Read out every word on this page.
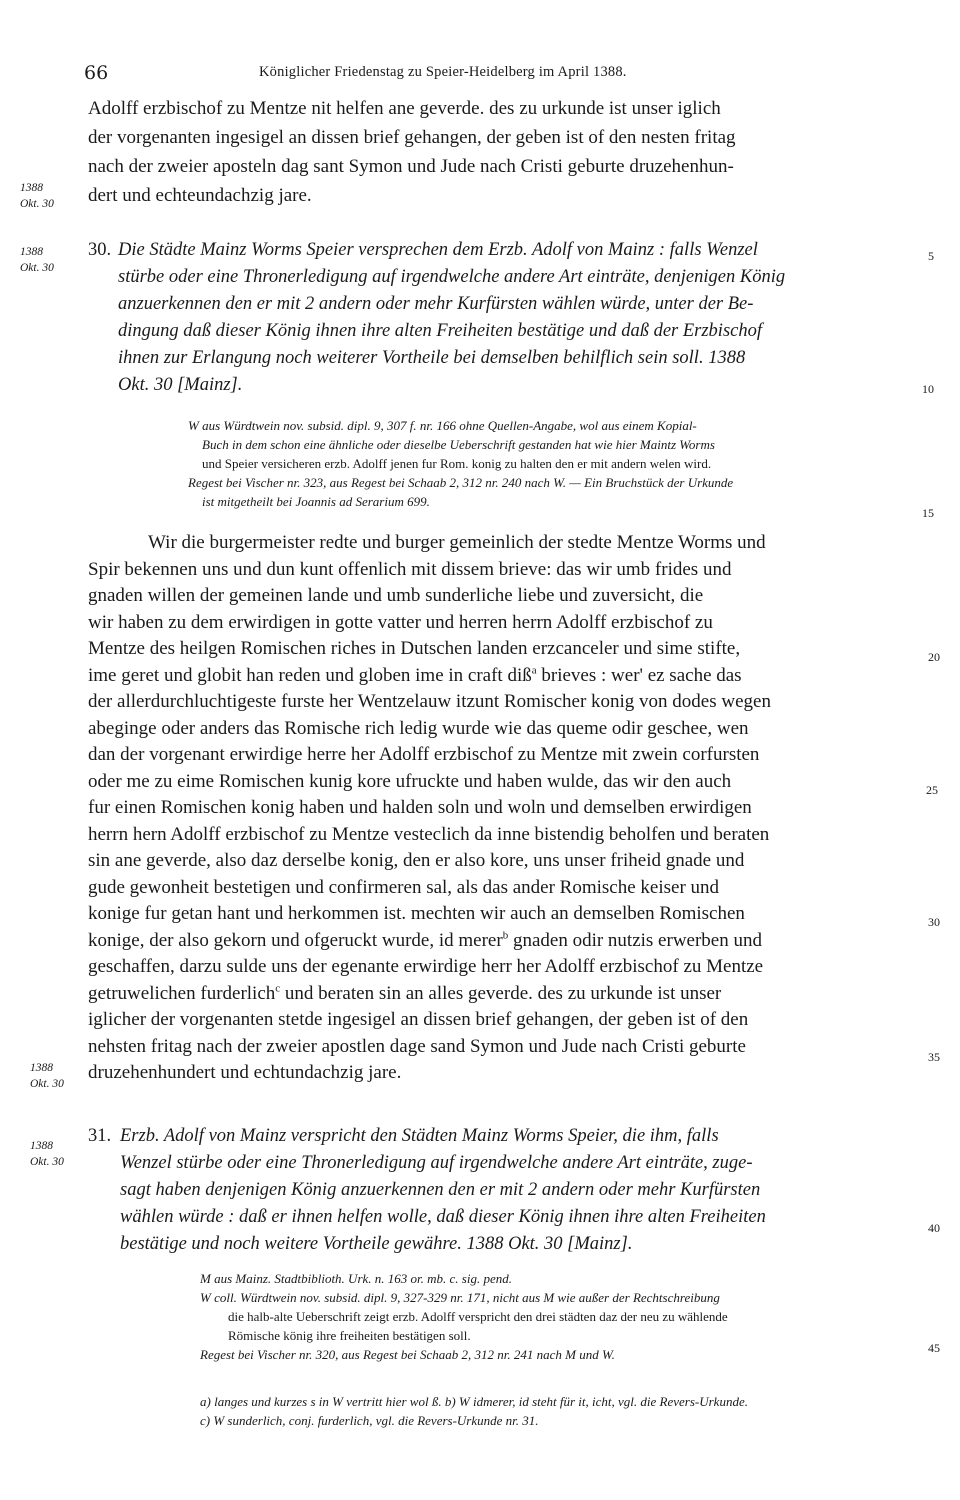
66	Königlicher Friedenstag zu Speier-Heidelberg im April 1388.
Adolff erzbischof zu Mentze nit helfen ane geverde. des zu urkunde ist unser iglich
der vorgenanten ingesigel an dissen brief gehangen, der geben ist of den nesten fritag
nach der zweier aposteln dag sant Symon und Jude nach Cristi geburte druzehenhun-
dert und echteundachzig jare.
1388
Okt. 30
1388
Okt. 30
1388
Okt. 30
1388
Okt. 30
30. Die Städte Mainz Worms Speier versprechen dem Erzb. Adolf von Mainz : falls Wenzel
stürbe oder eine Thronerledigung auf irgendwelche andere Art einträte, denjenigen König
anzuerkennen den er mit 2 andern oder mehr Kurfürsten wählen würde, unter der Be-
dingung daß dieser König ihnen ihre alten Freiheiten bestätige und daß der Erzbischof
ihnen zur Erlangung noch weiterer Vortheile bei demselben behilflich sein soll. 1388
Okt. 30 [Mainz].
W aus Würdtwein nov. subsid. dipl. 9, 307 f. nr. 166 ohne Quellen-Angabe, wol aus einem Kopial-
Buch in dem schon eine ähnliche oder dieselbe Ueberschrift gestanden hat wie hier Maintz Worms
und Speier versicheren erzb. Adolff jenen fur Rom. konig zu halten den er mit andern welen wird.
Regest bei Vischer nr. 323, aus Regest bei Schaab 2, 312 nr. 240 nach W. — Ein Bruchstück der Urkunde
ist mitgetheilt bei Joannis ad Serarium 699.
Wir die burgermeister redte und burger gemeinlich der stedte Mentze Worms und
Spir bekennen uns und dun kunt offenlich mit dissem brieve: das wir umb frides und
gnaden willen der gemeinen lande und umb sunderliche liebe und zuversicht, die
wir haben zu dem erwirdigen in gotte vatter und herren herrn Adolff erzbischof zu
Mentze des heilgen Romischen riches in Dutschen landen erzcanceler und sime stifte,
ime geret und globit han reden und globen ime in craft diß$^a$ brieves : wer' ez sache das
der allerdurchluchtigeste furste her Wentzelauw itzunt Romischer konig von dodes wegen
abeginge oder anders das Romische rich ledig wurde wie das queme odir geschee, wen
dan der vorgenant erwirdige herre her Adolff erzbischof zu Mentze mit zwein corfursten
oder me zu eime Romischen kunig kore ufruckte und haben wulde, das wir den auch
fur einen Romischen konig haben und halden soln und woln und demselben erwirdigen
herrn hern Adolff erzbischof zu Mentze vesteclich da inne bistendig beholfen und beraten
sin ane geverde, also daz derselbe konig, den er also kore, uns unser friheid gnade und
gude gewonheit bestetigen und confirmeren sal, als das ander Romische keiser und
konige fur getan hant und herkommen ist. mechten wir auch an demselben Romischen
konige, der also gekorn und ofgeruckt wurde, id merer$^b$ gnaden odir nutzis erwerben und
geschaffen, darzu sulde uns der egenante erwirdige herr her Adolff erzbischof zu Mentze
getruwelichen furderlich$^c$ und beraten sin an alles geverde. des zu urkunde ist unser
iglicher der vorgenanten stetde ingesigel an dissen brief gehangen, der geben ist of den
nehsten fritag nach der zweier apostlen dage sand Symon und Jude nach Cristi geburte
druzehenhundert und echtundachzig jare.
31. Erzb. Adolf von Mainz verspricht den Städten Mainz Worms Speier, die ihm, falls
Wenzel stürbe oder eine Thronerledigung auf irgendwelche andere Art einträte, zuge-
sagt haben denjenigen König anzuerkennen den er mit 2 andern oder mehr Kurfürsten
wählen würde : daß er ihnen helfen wolle, daß dieser König ihnen ihre alten Freiheiten
bestätige und noch weitere Vortheile gewähre. 1388 Okt. 30 [Mainz].
M aus Mainz. Stadtbiblioth. Urk. n. 163 or. mb. c. sig. pend.
W coll. Würdtwein nov. subsid. dipl. 9, 327-329 nr. 171, nicht aus M wie außer der Rechtschreibung
die halb-alte Ueberschrift zeigt erzb. Adolff verspricht den drei städten daz der neu zu wählende
Römische könig ihre freiheiten bestätigen soll.
Regest bei Vischer nr. 320, aus Regest bei Schaab 2, 312 nr. 241 nach M und W.
a) langes und kurzes s in W vertritt hier wol ß. b) W idmerer, id steht für it, icht, vgl. die Revers-Urkunde.
c) W sunderlich, conj. furderlich, vgl. die Revers-Urkunde nr. 31.
5
10
15
20
25
30
35
40
45
